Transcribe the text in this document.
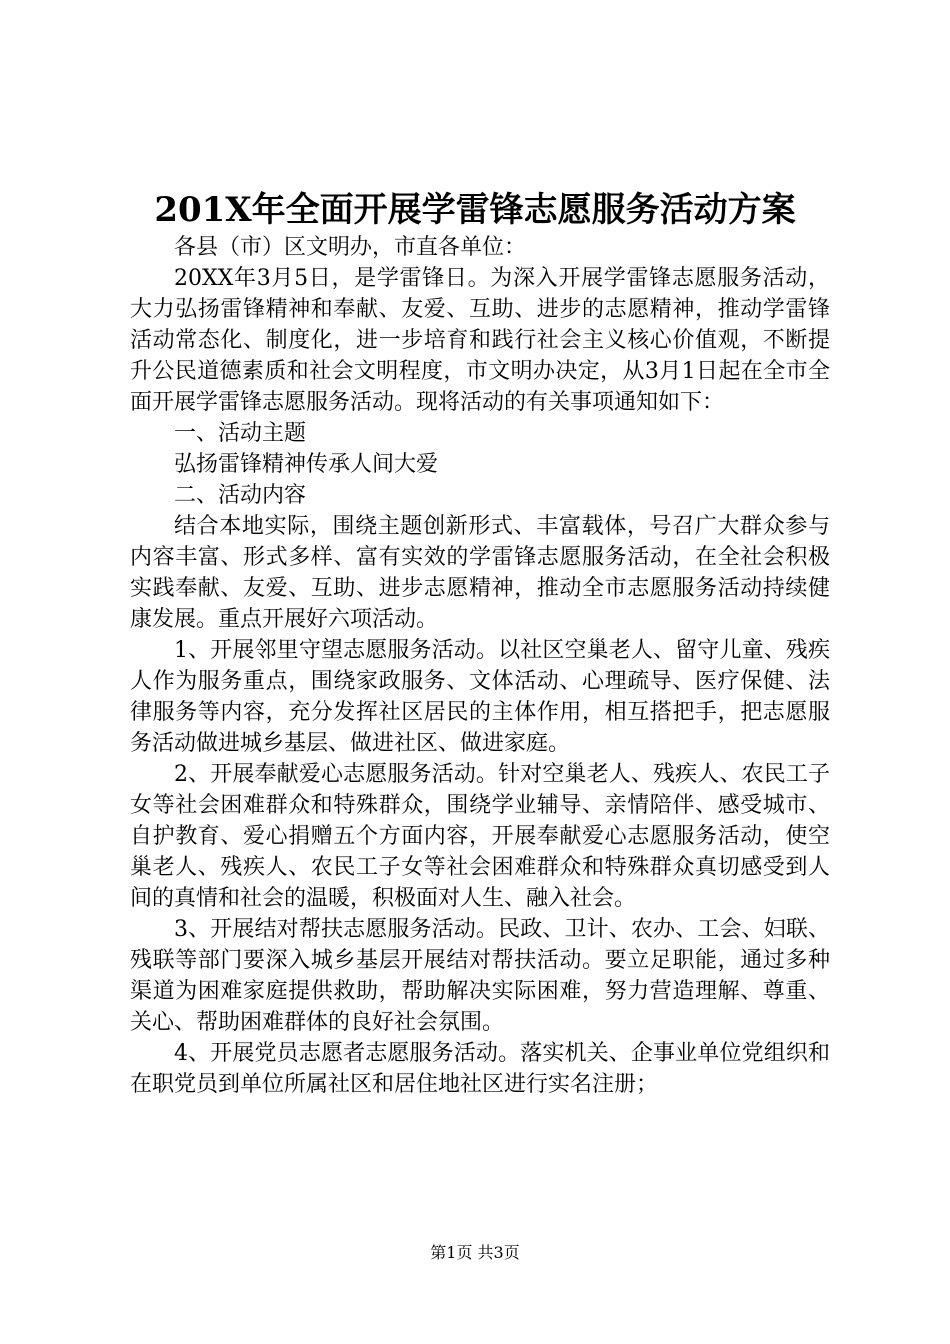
201X年全面开展学雷锋志愿服务活动方案

各县（市）区文明办，市直各单位：

20XX年3月5日，是学雷锋日。为深入开展学雷锋志愿服务活动，大力弘扬雷锋精神和奉献、友爱、互助、进步的志愿精神，推动学雷锋活动常态化、制度化，进一步培育和践行社会主义核心价值观，不断提升公民道德素质和社会文明程度，市文明办决定，从3月1日起在全市全面开展学雷锋志愿服务活动。现将活动的有关事项通知如下：

一、活动主题

弘扬雷锋精神传承人间大爱

二、活动内容

结合本地实际，围绕主题创新形式、丰富载体，号召广大群众参与内容丰富、形式多样、富有实效的学雷锋志愿服务活动，在全社会积极实践奉献、友爱、互助、进步志愿精神，推动全市志愿服务活动持续健康发展。重点开展好六项活动。

1、开展邻里守望志愿服务活动。以社区空巢老人、留守儿童、残疾人作为服务重点，围绕家政服务、文体活动、心理疏导、医疗保健、法律服务等内容，充分发挥社区居民的主体作用，相互搭把手，把志愿服务活动做进城乡基层、做进社区、做进家庭。

2、开展奉献爱心志愿服务活动。针对空巢老人、残疾人、农民工子女等社会困难群众和特殊群众，围绕学业辅导、亲情陪伴、感受城市、自护教育、爱心捐赠五个方面内容，开展奉献爱心志愿服务活动，使空巢老人、残疾人、农民工子女等社会困难群众和特殊群众真切感受到人间的真情和社会的温暖，积极面对人生、融入社会。

3、开展结对帮扶志愿服务活动。民政、卫计、农办、工会、妇联、残联等部门要深入城乡基层开展结对帮扶活动。要立足职能，通过多种渠道为困难家庭提供救助，帮助解决实际困难，努力营造理解、尊重、关心、帮助困难群体的良好社会氛围。

4、开展党员志愿者志愿服务活动。落实机关、企事业单位党组织和在职党员到单位所属社区和居住地社区进行实名注册；

第1页 共3页
